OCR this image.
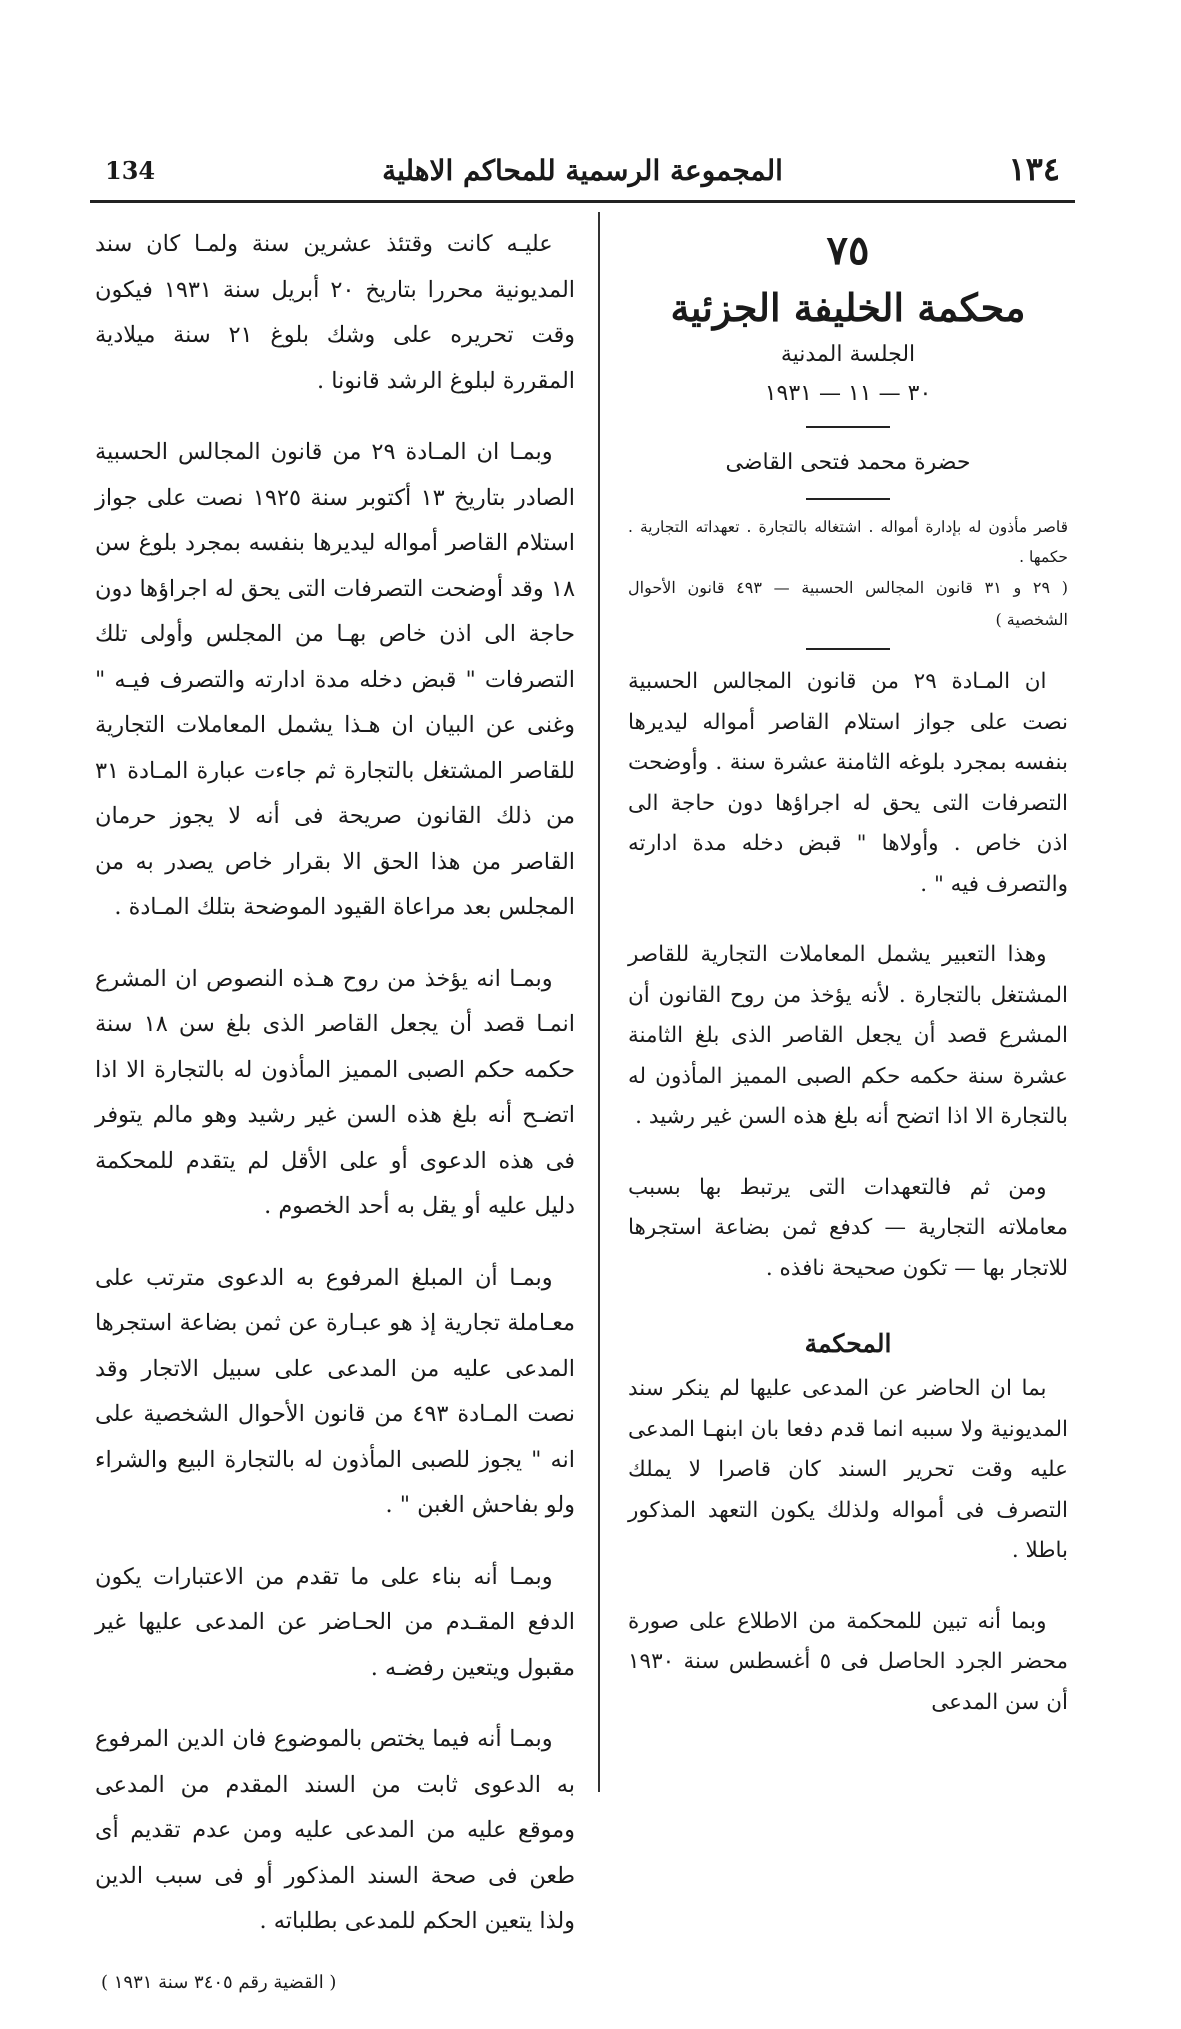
134	المجموعة الرسمية للمحاكم الاهلية	١٣٤

٧٥

محكمة الخليفة الجزئية

الجلسة المدنية

٣٠ — ١١ — ١٩٣١

حضرة محمد فتحى القاضى

قاصر مأذون له بإدارة أمواله . اشتغاله بالتجارة . تعهداته التجارية . حكمها .

( ٢٩ و ٣١ قانون المجالس الحسبية — ٤٩٣ قانون الأحوال الشخصية )

ان المـادة ٢٩ من قانون المجالس الحسبية نصت على جواز استلام القاصر أمواله ليديرها بنفسه بمجرد بلوغه الثامنة عشرة سنة . وأوضحت التصرفات التى يحق له اجراؤها دون حاجة الى اذن خاص . وأولاها " قبض دخله مدة ادارته والتصرف فيه " .

وهذا التعبير يشمل المعاملات التجارية للقاصر المشتغل بالتجارة . لأنه يؤخذ من روح القانون أن المشرع قصد أن يجعل القاصر الذى بلغ الثامنة عشرة سنة حكمه حكم الصبى المميز المأذون له بالتجارة الا اذا اتضح أنه بلغ هذه السن غير رشيد .

ومن ثم فالتعهدات التى يرتبط بها بسبب معاملاته التجارية — كدفع ثمن بضاعة استجرها للاتجار بها — تكون صحيحة نافذه .

المحكمة

بما ان الحاضر عن المدعى عليها لم ينكر سند المديونية ولا سببه انما قدم دفعا بان ابنهـا المدعى عليه وقت تحرير السند كان قاصرا لا يملك التصرف فى أمواله ولذلك يكون التعهد المذكور باطلا .

وبما أنه تبين للمحكمة من الاطلاع على صورة محضر الجرد الحاصل فى ٥ أغسطس سنة ١٩٣٠ أن سن المدعى

عليـه كانت وقتئذ عشرين سنة ولمـا كان سند المديونية محررا بتاريخ ٢٠ أبريل سنة ١٩٣١ فيكون وقت تحريره على وشك بلوغ ٢١ سنة ميلادية المقررة لبلوغ الرشد قانونا .

وبمـا ان المـادة ٢٩ من قانون المجالس الحسبية الصادر بتاريخ ١٣ أكتوبر سنة ١٩٢٥ نصت على جواز استلام القاصر أمواله ليديرها بنفسه بمجرد بلوغ سن ١٨ وقد أوضحت التصرفات التى يحق له اجراؤها دون حاجة الى اذن خاص بهـا من المجلس وأولى تلك التصرفات " قبض دخله مدة ادارته والتصرف فيـه " وغنى عن البيان ان هـذا يشمل المعاملات التجارية للقاصر المشتغل بالتجارة ثم جاءت عبارة المـادة ٣١ من ذلك القانون صريحة فى أنه لا يجوز حرمان القاصر من هذا الحق الا بقرار خاص يصدر به من المجلس بعد مراعاة القيود الموضحة بتلك المـادة .

وبمـا انه يؤخذ من روح هـذه النصوص ان المشرع انمـا قصد أن يجعل القاصر الذى بلغ سن ١٨ سنة حكمه حكم الصبى المميز المأذون له بالتجارة الا اذا اتضـح أنه بلغ هذه السن غير رشيد وهو مالم يتوفر فى هذه الدعوى أو على الأقل لم يتقدم للمحكمة دليل عليه أو يقل به أحد الخصوم .

وبمـا أن المبلغ المرفوع به الدعوى مترتب على معـاملة تجارية إذ هو عبـارة عن ثمن بضاعة استجرها المدعى عليه من المدعى على سبيل الاتجار وقد نصت المـادة ٤٩٣ من قانون الأحوال الشخصية على انه " يجوز للصبى المأذون له بالتجارة البيع والشراء ولو بفاحش الغبن " .

وبمـا أنه بناء على ما تقدم من الاعتبارات يكون الدفع المقـدم من الحـاضر عن المدعى عليها غير مقبول ويتعين رفضـه .

وبمـا أنه فيما يختص بالموضوع فان الدين المرفوع به الدعوى ثابت من السند المقدم من المدعى وموقع عليه من المدعى عليه ومن عدم تقديم أى طعن فى صحة السند المذكور أو فى سبب الدين ولذا يتعين الحكم للمدعى بطلباته .

( القضية رقم ٣٤٠٥ سنة ١٩٣١ )
